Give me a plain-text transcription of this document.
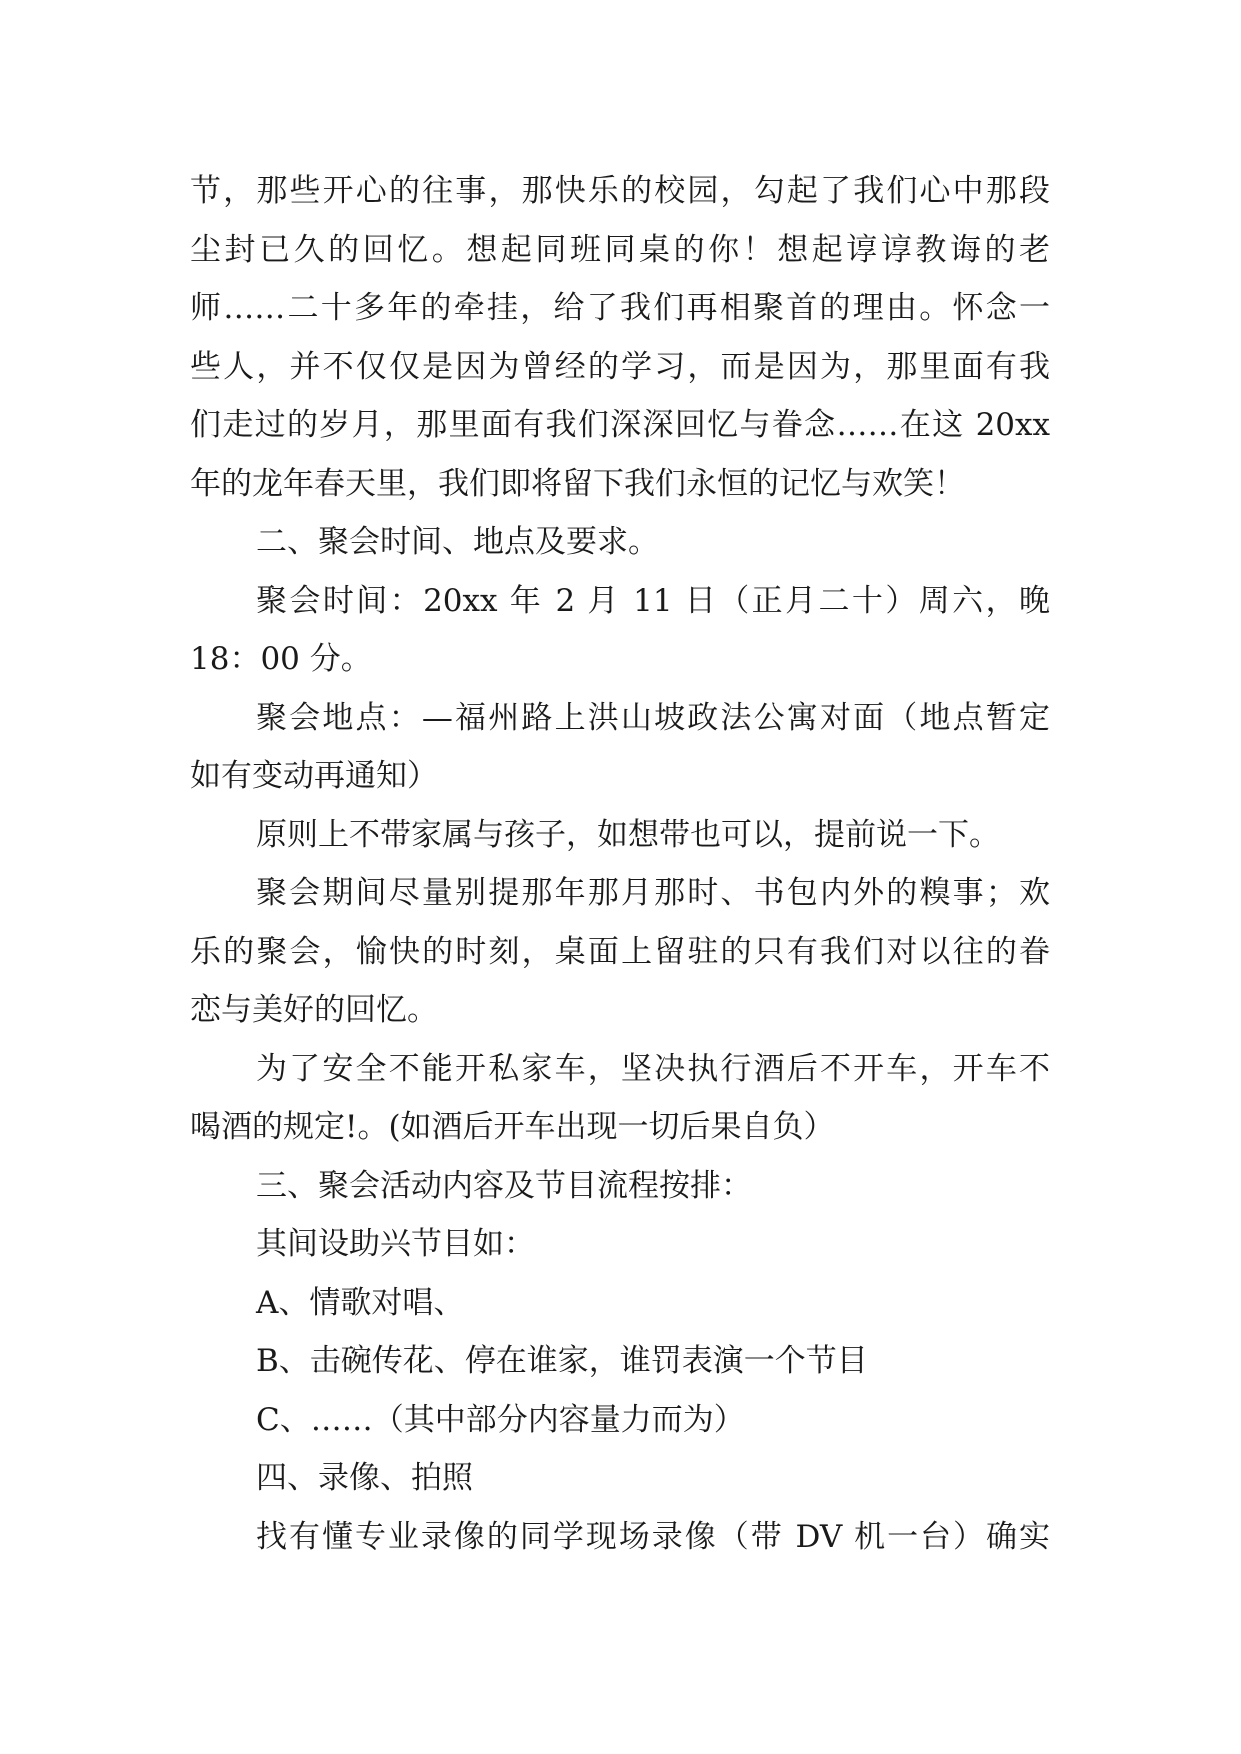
节，那些开心的往事，那快乐的校园，勾起了我们心中那段
尘封已久的回忆。想起同班同桌的你！想起谆谆教诲的老
师……二十多年的牵挂，给了我们再相聚首的理由。怀念一
些人，并不仅仅是因为曾经的学习，而是因为，那里面有我
们走过的岁月，那里面有我们深深回忆与眷念……在这 20xx
年的龙年春天里，我们即将留下我们永恒的记忆与欢笑！
二、聚会时间、地点及要求。
聚会时间：20xx 年 2 月 11 日（正月二十）周六，晚
18：00 分。
聚会地点：—福州路上洪山坡政法公寓对面（地点暂定
如有变动再通知）
原则上不带家属与孩子，如想带也可以，提前说一下。
聚会期间尽量别提那年那月那时、书包内外的糗事；欢
乐的聚会，愉快的时刻，桌面上留驻的只有我们对以往的眷
恋与美好的回忆。
为了安全不能开私家车，坚决执行酒后不开车，开车不
喝酒的规定!。(如酒后开车出现一切后果自负）
三、聚会活动内容及节目流程按排：
其间设助兴节目如：
A、情歌对唱、
B、击碗传花、停在谁家，谁罚表演一个节目
C、……（其中部分内容量力而为）
四、录像、拍照
找有懂专业录像的同学现场录像（带 DV 机一台）确实
